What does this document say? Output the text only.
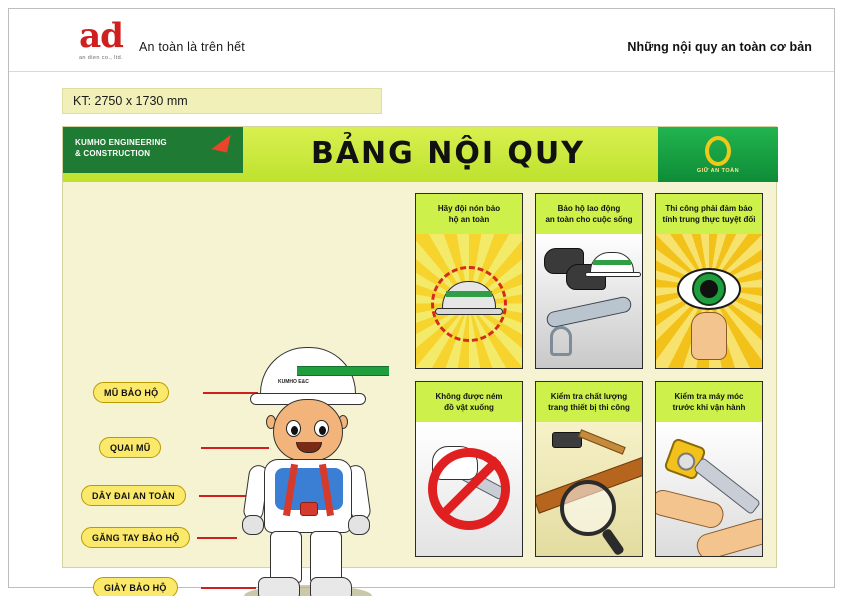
ad
an dien co., ltd.
An toàn là trên hết	Những nội quy an toàn cơ bản
KT: 2750 x 1730 mm
KUMHO ENGINEERING
& CONSTRUCTION	BẢNG NỘI QUY	GIỮ AN TOÀN
MŨ BẢO HỘ
QUAI MŨ
DÂY ĐAI AN TOÀN
GĂNG TAY BẢO HỘ
GIÀY BẢO HỘ
KUMHO E&C
Hãy đội nón bảo
hộ an toàn
Bảo hộ lao động
an toàn cho cuộc sống
Thi công phải đảm bảo
tính trung thực tuyệt đối
Không được ném
đồ vật xuống
Kiểm tra chất lượng
trang thiết bị thi công
Kiểm tra máy móc
trước khi vận hành
